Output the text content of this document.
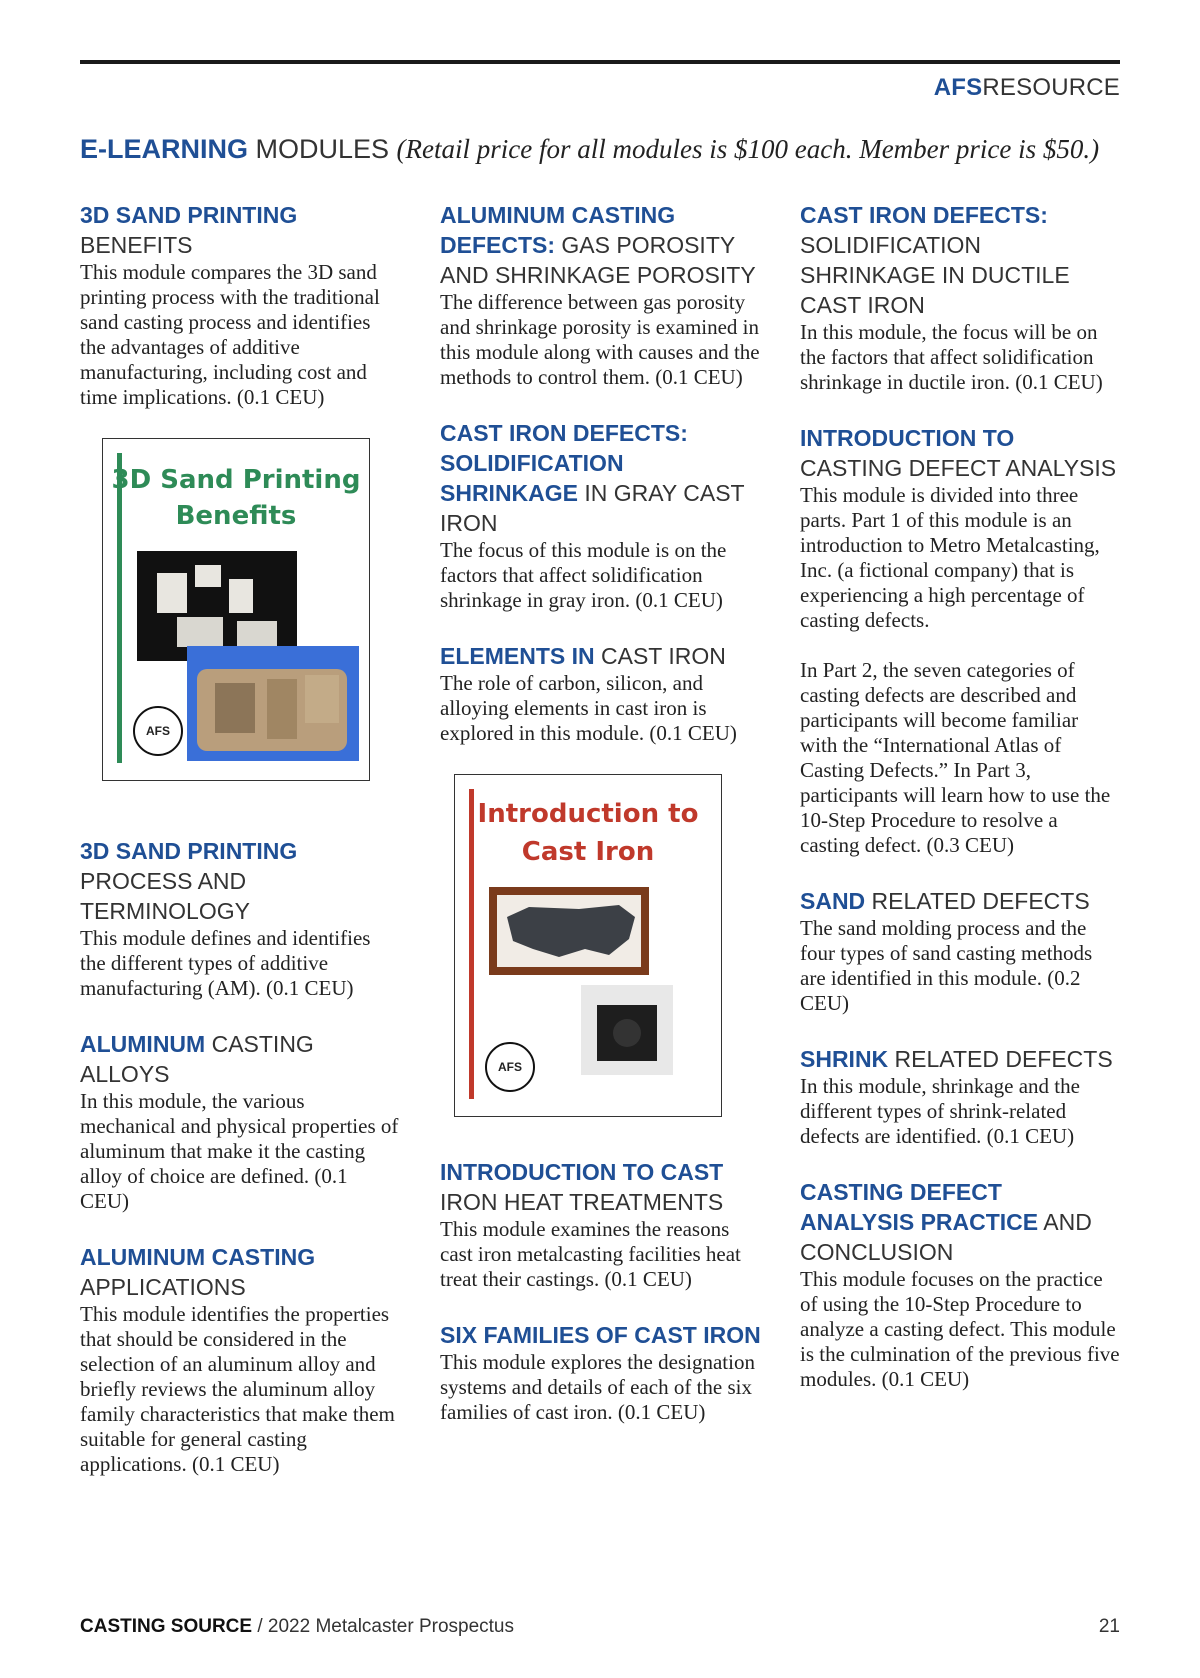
AFSRESOURCE
E-LEARNING MODULES (Retail price for all modules is $100 each. Member price is $50.)
3D SAND PRINTING BENEFITS
This module compares the 3D sand printing process with the traditional sand casting process and identifies the advantages of additive manufacturing, including cost and time implications. (0.1 CEU)
3D Sand Printing
Benefits
AFS
3D SAND PRINTING PROCESS AND TERMINOLOGY
This module defines and identifies the different types of additive manufacturing (AM). (0.1 CEU)
ALUMINUM CASTING ALLOYS
In this module, the various mechanical and physical properties of aluminum that make it the casting alloy of choice are defined. (0.1 CEU)
ALUMINUM CASTING APPLICATIONS
This module identifies the properties that should be considered in the selection of an aluminum alloy and briefly reviews the aluminum alloy family characteristics that make them suitable for general casting applications. (0.1 CEU)
ALUMINUM CASTING DEFECTS: GAS POROSITY AND SHRINKAGE POROSITY
The difference between gas porosity and shrinkage porosity is examined in this module along with causes and the methods to control them. (0.1 CEU)
CAST IRON DEFECTS: SOLIDIFICATION SHRINKAGE IN GRAY CAST IRON
The focus of this module is on the factors that affect solidification shrinkage in gray iron. (0.1 CEU)
ELEMENTS IN CAST IRON
The role of carbon, silicon, and alloying elements in cast iron is explored in this module. (0.1 CEU)
Introduction to
Cast Iron
AFS
INTRODUCTION TO CAST IRON HEAT TREATMENTS
This module examines the reasons cast iron metalcasting facilities heat treat their castings. (0.1 CEU)
SIX FAMILIES OF CAST IRON
This module explores the designation systems and details of each of the six families of cast iron. (0.1 CEU)
CAST IRON DEFECTS: SOLIDIFICATION SHRINKAGE IN DUCTILE CAST IRON
In this module, the focus will be on the factors that affect solidification shrinkage in ductile iron. (0.1 CEU)
INTRODUCTION TO CASTING DEFECT ANALYSIS
This module is divided into three parts. Part 1 of this module is an introduction to Metro Metalcasting, Inc. (a fictional company) that is experiencing a high percentage of casting defects.
In Part 2, the seven categories of casting defects are described and participants will become familiar with the “International Atlas of Casting Defects.” In Part 3, participants will learn how to use the 10-Step Procedure to resolve a casting defect. (0.3 CEU)
SAND RELATED DEFECTS
The sand molding process and the four types of sand casting methods are identified in this module. (0.2 CEU)
SHRINK RELATED DEFECTS
In this module, shrinkage and the different types of shrink-related defects are identified. (0.1 CEU)
CASTING DEFECT ANALYSIS PRACTICE AND CONCLUSION
This module focuses on the practice of using the 10-Step Procedure to analyze a casting defect. This module is the culmination of the previous five modules. (0.1 CEU)
CASTING SOURCE / 2022 Metalcaster Prospectus	21
